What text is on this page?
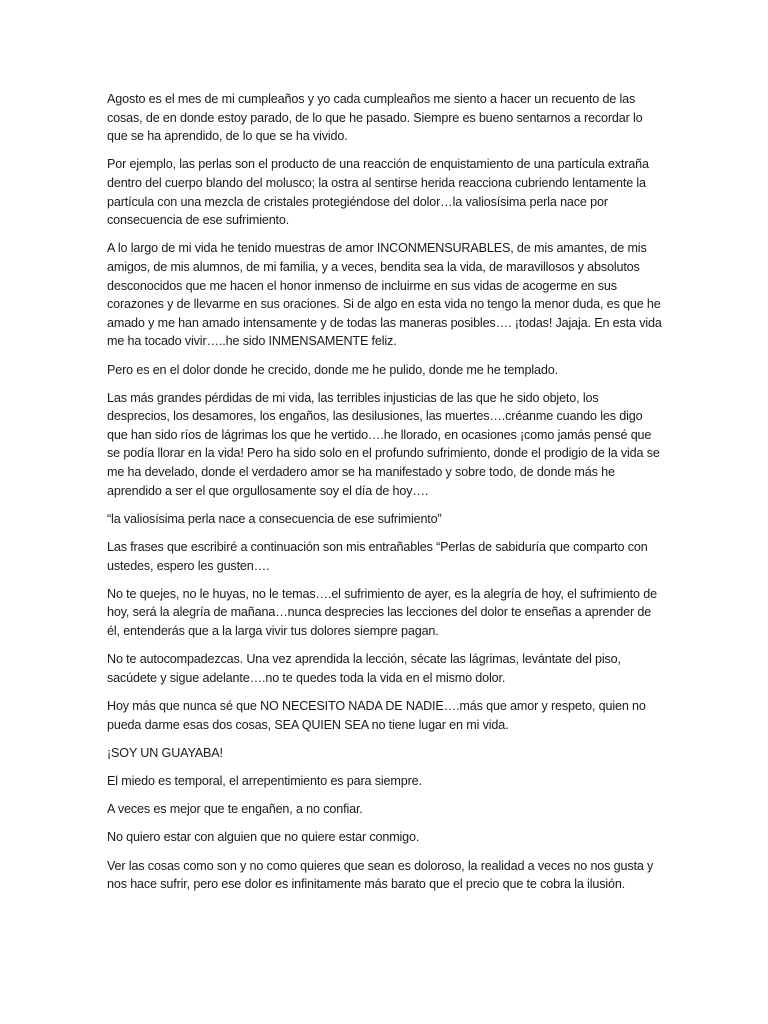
Agosto es el mes de mi cumpleaños y yo cada cumpleaños me siento a hacer un recuento de las cosas, de en donde estoy parado, de lo que he pasado. Siempre es bueno sentarnos a recordar lo que se ha aprendido, de lo que se ha vivido.

Por ejemplo, las perlas son el producto de una reacción de enquistamiento de una partícula extraña dentro del cuerpo blando del molusco; la ostra al sentirse herida reacciona cubriendo lentamente la partícula con una mezcla de cristales protegiéndose del dolor…la valiosísima perla nace por consecuencia de ese sufrimiento.

A lo largo de mi vida he tenido muestras de amor INCONMENSURABLES, de mis amantes, de mis amigos, de mis alumnos, de mi familia, y a veces, bendita sea la vida, de maravillosos y absolutos desconocidos que me hacen el honor inmenso de incluirme en sus vidas de acogerme en sus corazones y de llevarme en sus oraciones. Si de algo en esta vida no tengo la menor duda, es que he amado y me han amado intensamente y de todas las maneras posibles…. ¡todas! Jajaja. En esta vida me ha tocado vivir…..he sido INMENSAMENTE feliz.

Pero es en el dolor donde he crecido, donde me he pulido, donde me he templado.

Las más grandes pérdidas de mi vida, las terribles injusticias de las que he sido objeto, los desprecios, los desamores, los engaños, las desilusiones, las muertes….créanme cuando les digo que han sido ríos de lágrimas los que he vertido….he llorado, en ocasiones ¡como jamás pensé que se podía llorar en la vida! Pero ha sido solo en el profundo sufrimiento, donde el prodigio de la vida se me ha develado, donde el verdadero amor se ha manifestado y sobre todo, de donde más he aprendido a ser el que orgullosamente soy el día de hoy….

“la valiosísima perla nace a consecuencia de ese sufrimiento”

Las frases que escribiré a continuación son mis entrañables “Perlas de sabiduría que comparto con ustedes, espero les gusten….

No te quejes, no le huyas, no le temas….el sufrimiento de ayer, es la alegría de hoy, el sufrimiento de hoy, será la alegría de mañana…nunca desprecies las lecciones del dolor te enseñas a aprender de él, entenderás que a la larga vivir tus dolores siempre pagan.

No te autocompadezcas. Una vez aprendida la lección, sécate las lágrimas, levántate del piso, sacúdete y sigue adelante….no te quedes toda la vida en el mismo dolor.

Hoy más que nunca sé que NO NECESITO NADA DE NADIE….más que amor y respeto, quien no pueda darme esas dos cosas, SEA QUIEN SEA no tiene lugar en mi vida.

¡SOY UN GUAYABA!

El miedo es temporal, el arrepentimiento es para siempre.

A veces es mejor que te engañen, a no confiar.

No quiero estar con alguien que no quiere estar conmigo.

Ver las cosas como son y no como quieres que sean es doloroso, la realidad a veces no nos gusta y nos hace sufrir, pero ese dolor es infinitamente más barato que el precio que te cobra la ilusión.
